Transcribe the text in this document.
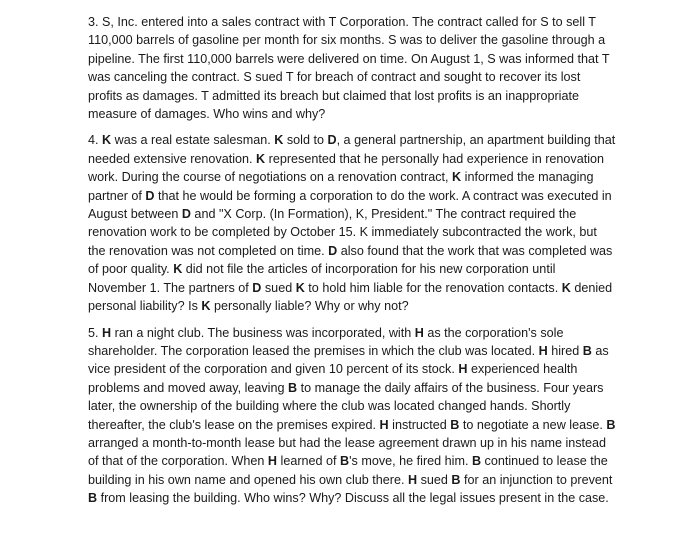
3. S, Inc. entered into a sales contract with T Corporation. The contract called for S to sell T 110,000 barrels of gasoline per month for six months. S was to deliver the gasoline through a pipeline. The first 110,000 barrels were delivered on time. On August 1, S was informed that T was canceling the contract. S sued T for breach of contract and sought to recover its lost profits as damages. T admitted its breach but claimed that lost profits is an inappropriate measure of damages. Who wins and why?

4. K was a real estate salesman. K sold to D, a general partnership, an apartment building that needed extensive renovation. K represented that he personally had experience in renovation work. During the course of negotiations on a renovation contract, K informed the managing partner of D that he would be forming a corporation to do the work. A contract was executed in August between D and "X Corp. (In Formation), K, President." The contract required the renovation work to be completed by October 15. K immediately subcontracted the work, but the renovation was not completed on time. D also found that the work that was completed was of poor quality. K did not file the articles of incorporation for his new corporation until November 1. The partners of D sued K to hold him liable for the renovation contacts. K denied personal liability? Is K personally liable? Why or why not?

5. H ran a night club. The business was incorporated, with H as the corporation's sole shareholder. The corporation leased the premises in which the club was located. H hired B as vice president of the corporation and given 10 percent of its stock. H experienced health problems and moved away, leaving B to manage the daily affairs of the business. Four years later, the ownership of the building where the club was located changed hands. Shortly thereafter, the club's lease on the premises expired. H instructed B to negotiate a new lease. B arranged a month-to-month lease but had the lease agreement drawn up in his name instead of that of the corporation. When H learned of B's move, he fired him. B continued to lease the building in his own name and opened his own club there. H sued B for an injunction to prevent B from leasing the building. Who wins? Why? Discuss all the legal issues present in the case.
